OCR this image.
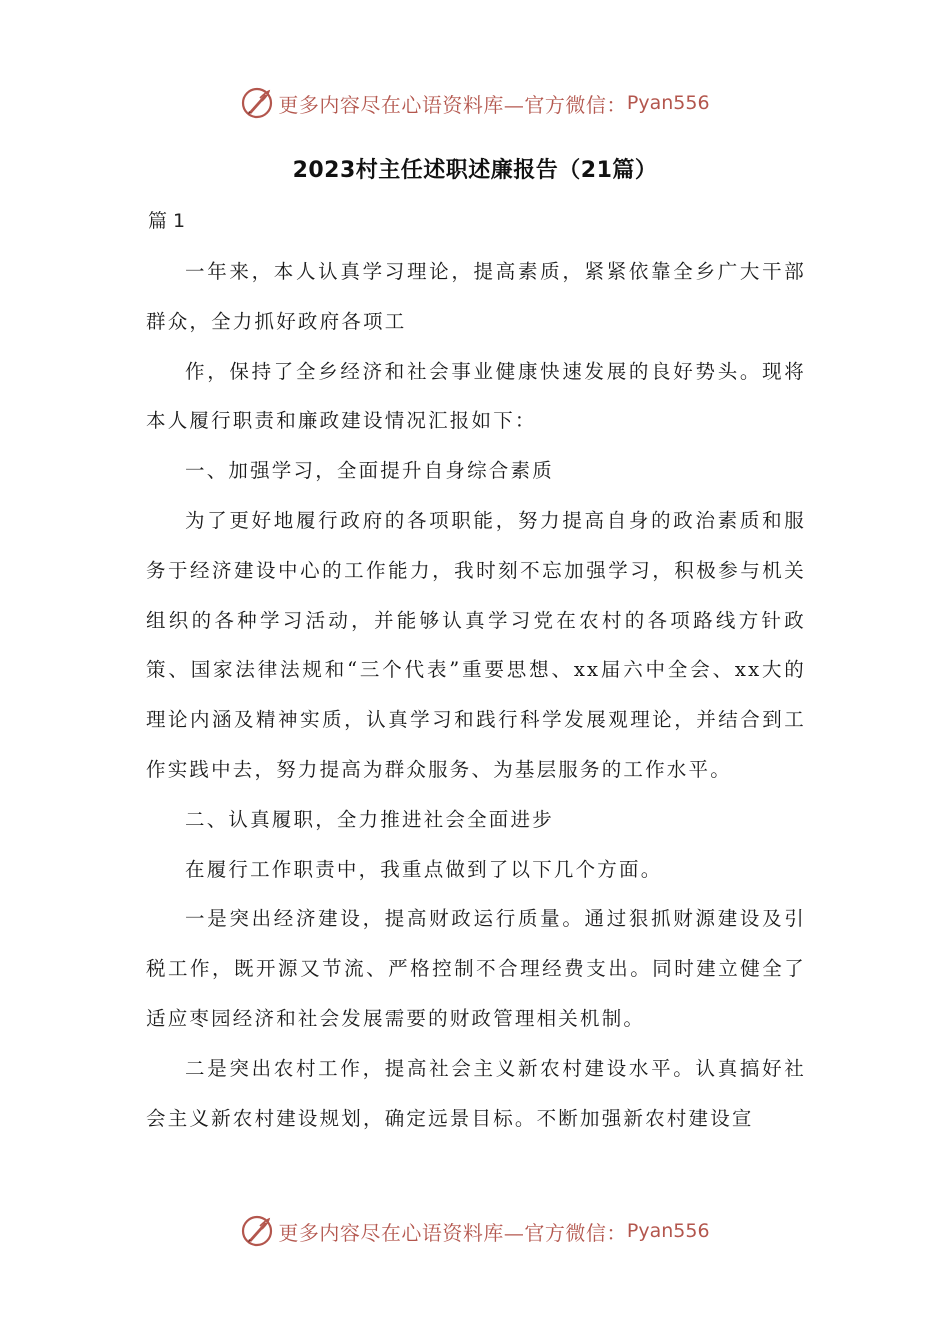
更多内容尽在心语资料库—官方微信： Pyan556
2023村主任述职述廉报告（21篇）
篇 1

一年来，本人认真学习理论，提高素质，紧紧依靠全乡广大干部群众，全力抓好政府各项工

作，保持了全乡经济和社会事业健康快速发展的良好势头。现将本人履行职责和廉政建设情况汇报如下：

一、加强学习，全面提升自身综合素质

为了更好地履行政府的各项职能，努力提高自身的政治素质和服务于经济建设中心的工作能力，我时刻不忘加强学习，积极参与机关组织的各种学习活动，并能够认真学习党在农村的各项路线方针政策、国家法律法规和“三个代表”重要思想、xx届六中全会、xx大的理论内涵及精神实质，认真学习和践行科学发展观理论，并结合到工作实践中去，努力提高为群众服务、为基层服务的工作水平。

二、认真履职，全力推进社会全面进步

在履行工作职责中，我重点做到了以下几个方面。

一是突出经济建设，提高财政运行质量。通过狠抓财源建设及引税工作，既开源又节流、严格控制不合理经费支出。同时建立健全了适应枣园经济和社会发展需要的财政管理相关机制。

二是突出农村工作，提高社会主义新农村建设水平。认真搞好社会主义新农村建设规划，确定远景目标。不断加强新农村建设宣

更多内容尽在心语资料库—官方微信： Pyan556
